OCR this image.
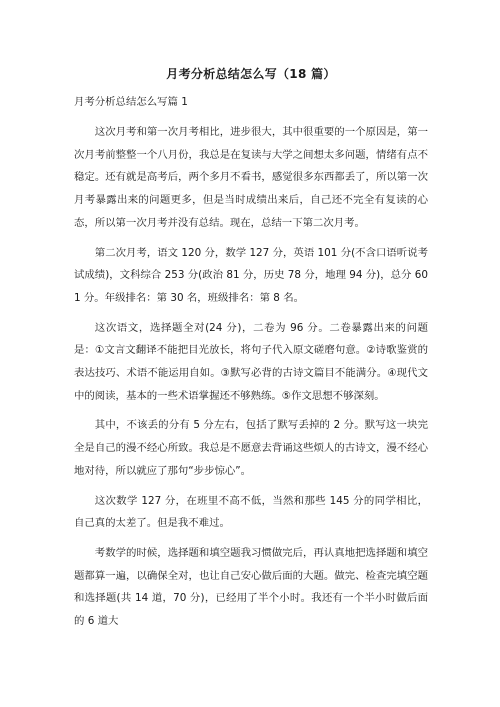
月考分析总结怎么写（18 篇）
月考分析总结怎么写篇 1

这次月考和第一次月考相比，进步很大，其中很重要的一个原因是，第一次月考前整整一个八月份，我总是在复读与大学之间想太多问题，情绪有点不稳定。还有就是高考后，两个多月不看书，感觉很多东西都丢了，所以第一次月考暴露出来的问题更多，但是当时成绩出来后，自己还不完全有复读的心态，所以第一次月考并没有总结。现在，总结一下第二次月考。

第二次月考，语文 120 分，数学 127 分，英语 101 分(不含口语听说考试成绩)，文科综合 253 分(政治 81 分，历史 78 分，地理 94 分)，总分 601 分。年级排名：第 30 名，班级排名：第 8 名。

这次语文，选择题全对(24 分)，二卷为 96 分。二卷暴露出来的问题是：①文言文翻译不能把目光放长，将句子代入原文磋磨句意。②诗歌鉴赏的表达技巧、术语不能运用自如。③默写必背的古诗文篇目不能满分。④现代文中的阅读，基本的一些术语掌握还不够熟练。⑤作文思想不够深刻。

其中，不该丢的分有 5 分左右，包括了默写丢掉的 2 分。默写这一块完全是自己的漫不经心所致。我总是不愿意去背诵这些烦人的古诗文，漫不经心地对待，所以就应了那句“步步惊心”。

这次数学 127 分，在班里不高不低，当然和那些 145 分的同学相比，自己真的太差了。但是我不难过。

考数学的时候，选择题和填空题我习惯做完后，再认真地把选择题和填空题都算一遍，以确保全对，也让自己安心做后面的大题。做完、检查完填空题和选择题(共 14 道，70 分)，已经用了半个小时。我还有一个半小时做后面的 6 道大
